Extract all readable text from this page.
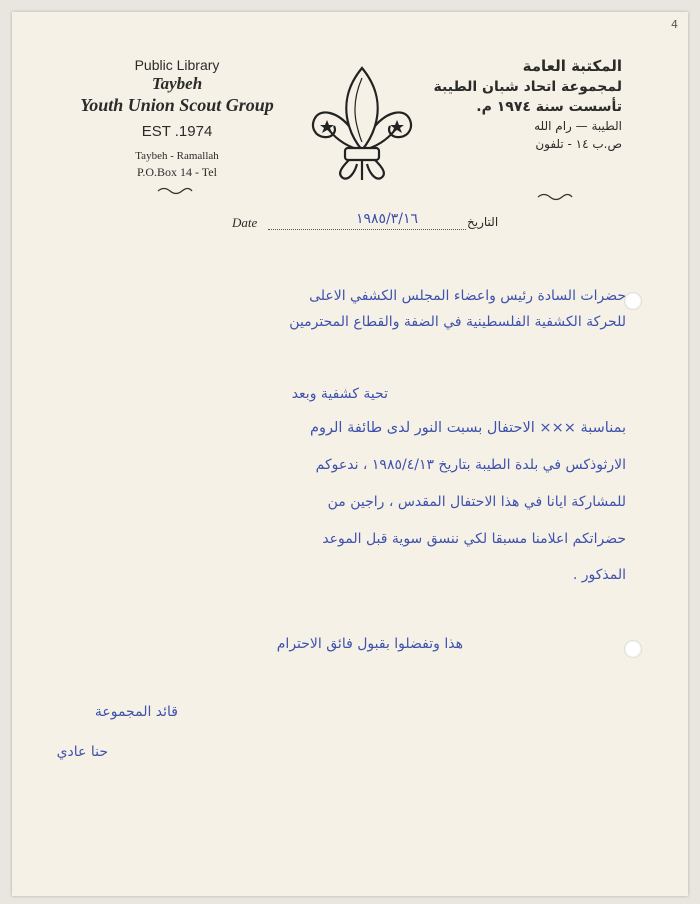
4
Public Library
Taybeh
Youth Union Scout Group
EST .1974
Taybeh - Ramallah
P.O.Box 14 - Tel
المكتبة العامة
لمجموعة اتحاد شبان الطيبة
تأسست سنة ١٩٧٤ م.
الطيبة — رام الله
ص.ب ١٤ - تلفون
Date	١٩٨٥/٣/١٦	التاريخ
حضرات السادة رئيس واعضاء المجلس الكشفي الاعلى
للحركة الكشفية الفلسطينية في الضفة والقطاع المحترمين
تحية كشفية وبعد
بمناسبة ××× الاحتفال بسبت النور لدى طائفة الروم
الارثوذكس في بلدة الطيبة بتاريخ ١٩٨٥/٤/١٣ ، ندعوكم
للمشاركة ايانا في هذا الاحتفال المقدس ، راجين من
حضراتكم اعلامنا مسبقا لكي ننسق سوية قبل الموعد
المذكور .
هذا وتفضلوا بقبول فائق الاحترام
قائد المجموعة
حنا عادي
